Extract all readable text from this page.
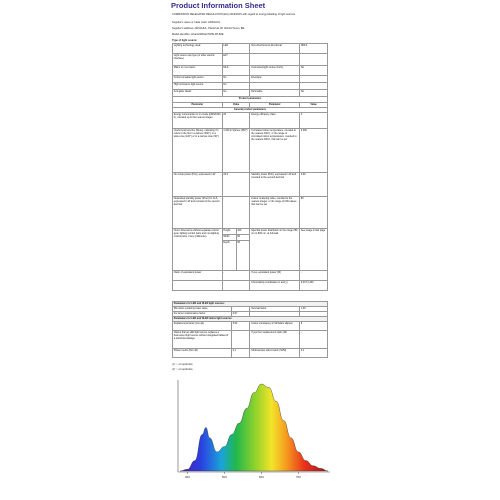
Product Information Sheet
COMMISSION DELEGATED REGULATION (EU) 2019/2015 with regard to energy labelling of light sources
Supplier's name or trade mark: ADSAHUL
Supplier's address: ADSAHUL, Plantzuid 18, 4014H Tuxen, BE
Model identifier: HCars20W-E27WW-3P-80E
Type of light source:
Lighting technology used:	LED		Non-directional or directional:	NDLS
Light source cap-type (or other electric interface)	E27			
Mains or non-mains:	MLS		Connected light source (CLS):	No
Colour-tuneable light source:	No		Envelope:	-
High luminance light source:	No			
Anti-glare shield:	No		Dimmable:	No
Product parameters				
Parameter	Value		Parameter	Value
General product parameters				
Energy consumption in on-mode (kWh/1000 h), rounded up to the nearest integer	20		Energy efficiency class	F
Useful luminous flux (Φuse), indicating if it refers to the flux in a sphere (360°), in a wide cone (120°) or in a narrow cone (90°)	1 000 in Sphere (360°)		Correlated colour temperature, rounded to the nearest 100 K, or the range of correlated colour temperatures, rounded to the nearest 100 K, that can be set	3 000
On-mode power (Pon), expressed in W	20.0		Standby power (Psb), expressed in W and rounded to the second decimal	0,00
Networked standby power (Pnet) for CLS, expressed in W and rounded to the second decimal	-		Colour rendering index, rounded to the nearest integer, or the range of CRI-values that can be set	80
Outer dimensions without separate control gear, lighting control parts and non-lighting control parts, if any (millimetre)	Height	106	Spectral power distribution in the range 250 nm to 800 nm, at full-load	See image in last page
	Width	56		
	Depth	56		
Claim of equivalent power	-		If yes, equivalent power (W)	-
			Chromaticity coordinates (x and y)	0,437 0,404
Parameters for LED and OLED light sources:			
R9 colour rendering index value	-	Survival factor	1,00
the lumen maintenance factor	0,97		
Parameters for LED and OLED mains light sources:			
displacement factor (cos φ1)	0,92	Colour consistency in McAdam ellipses	6
Claims that an LED light source replaces a fluorescent light source without integrated ballast of a particular wattage.	-	If yes then replacement claim (W)	-
Flicker metric (Pst LM)	0,1	Stroboscopic effect metric (SVM)	0,1
(1) '-': not applicable;
(2) '-': not applicable;
400	500	600	700
